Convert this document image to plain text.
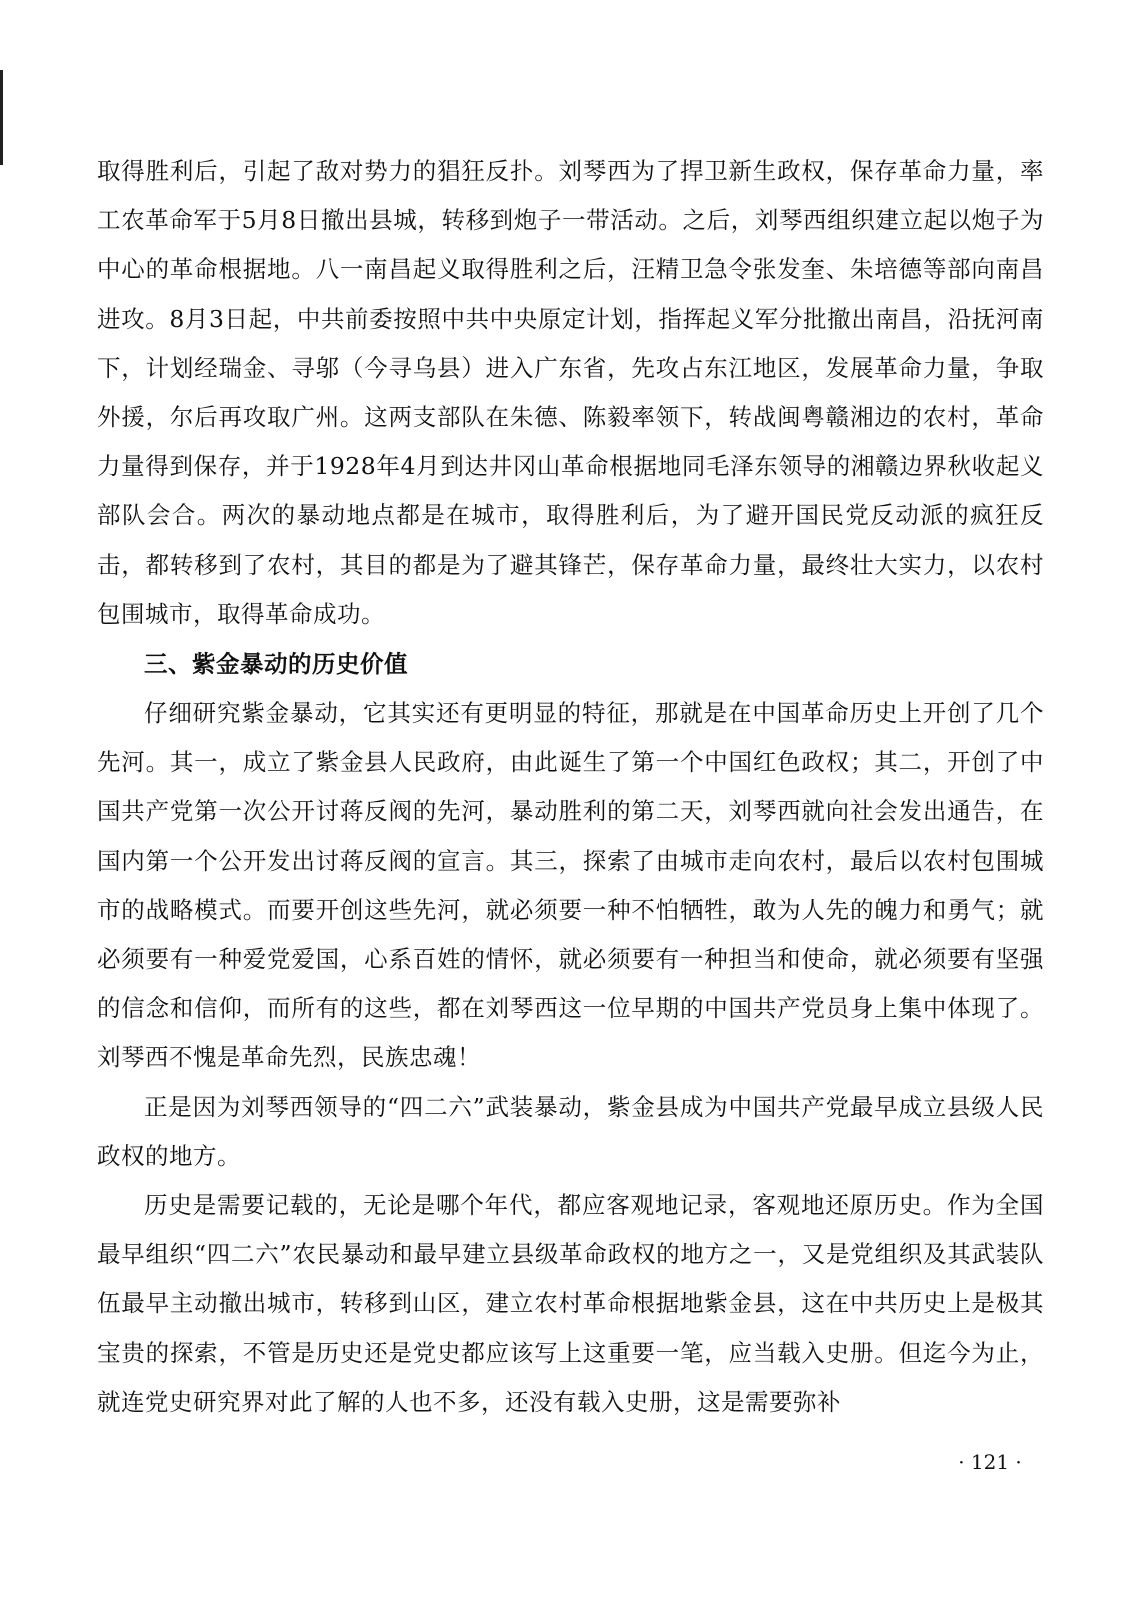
取得胜利后，引起了敌对势力的猖狂反扑。刘琴西为了捍卫新生政权，保存革命力量，率工农革命军于5月8日撤出县城，转移到炮子一带活动。之后，刘琴西组织建立起以炮子为中心的革命根据地。八一南昌起义取得胜利之后，汪精卫急令张发奎、朱培德等部向南昌进攻。8月3日起，中共前委按照中共中央原定计划，指挥起义军分批撤出南昌，沿抚河南下，计划经瑞金、寻邬（今寻乌县）进入广东省，先攻占东江地区，发展革命力量，争取外援，尔后再攻取广州。这两支部队在朱德、陈毅率领下，转战闽粤赣湘边的农村，革命力量得到保存，并于1928年4月到达井冈山革命根据地同毛泽东领导的湘赣边界秋收起义部队会合。两次的暴动地点都是在城市，取得胜利后，为了避开国民党反动派的疯狂反击，都转移到了农村，其目的都是为了避其锋芒，保存革命力量，最终壮大实力，以农村包围城市，取得革命成功。

三、紫金暴动的历史价值

仔细研究紫金暴动，它其实还有更明显的特征，那就是在中国革命历史上开创了几个先河。其一，成立了紫金县人民政府，由此诞生了第一个中国红色政权；其二，开创了中国共产党第一次公开讨蒋反阀的先河，暴动胜利的第二天，刘琴西就向社会发出通告，在国内第一个公开发出讨蒋反阀的宣言。其三，探索了由城市走向农村，最后以农村包围城市的战略模式。而要开创这些先河，就必须要一种不怕牺牲，敢为人先的魄力和勇气；就必须要有一种爱党爱国，心系百姓的情怀，就必须要有一种担当和使命，就必须要有坚强的信念和信仰，而所有的这些，都在刘琴西这一位早期的中国共产党员身上集中体现了。刘琴西不愧是革命先烈，民族忠魂！

正是因为刘琴西领导的“四二六”武装暴动，紫金县成为中国共产党最早成立县级人民政权的地方。

历史是需要记载的，无论是哪个年代，都应客观地记录，客观地还原历史。作为全国最早组织“四二六”农民暴动和最早建立县级革命政权的地方之一，又是党组织及其武装队伍最早主动撤出城市，转移到山区，建立农村革命根据地紫金县，这在中共历史上是极其宝贵的探索，不管是历史还是党史都应该写上这重要一笔，应当载入史册。但迄今为止，就连党史研究界对此了解的人也不多，还没有载入史册，这是需要弥补

· 121 ·
